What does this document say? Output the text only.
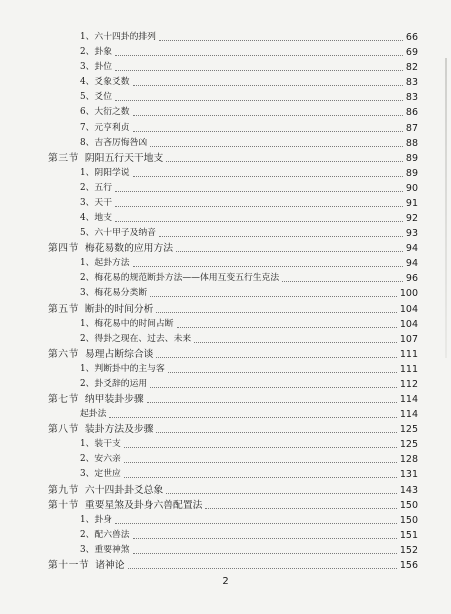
1、六十四卦的排列	66
2、卦象	69
3、卦位	82
4、爻象爻数	83
5、爻位	83
6、大衍之数	86
7、元亨利贞	87
8、吉吝厉悔咎凶	88
第三节 阴阳五行天干地支	89
1、阴阳学说	89
2、五行	90
3、天干	91
4、地支	92
5、六十甲子及纳音	93
第四节 梅花易数的应用方法	94
1、起卦方法	94
2、梅花易的规范断卦方法——体用互变五行生克法	96
3、梅花易分类断	100
第五节 断卦的时间分析	104
1、梅花易中的时间占断	104
2、得卦之现在、过去、未来	107
第六节 易理占断综合谈	111
1、判断卦中的主与客	111
2、卦爻辞的运用	112
第七节 纳甲装卦步骤	114
起卦法	114
第八节 装卦方法及步骤	125
1、装干支	125
2、安六亲	128
3、定世应	131
第九节 六十四卦卦爻总象	143
第十节 重要星煞及卦身六兽配置法	150
1、卦身	150
2、配六兽法	151
3、重要神煞	152
第十一节 诸神论	156
2
